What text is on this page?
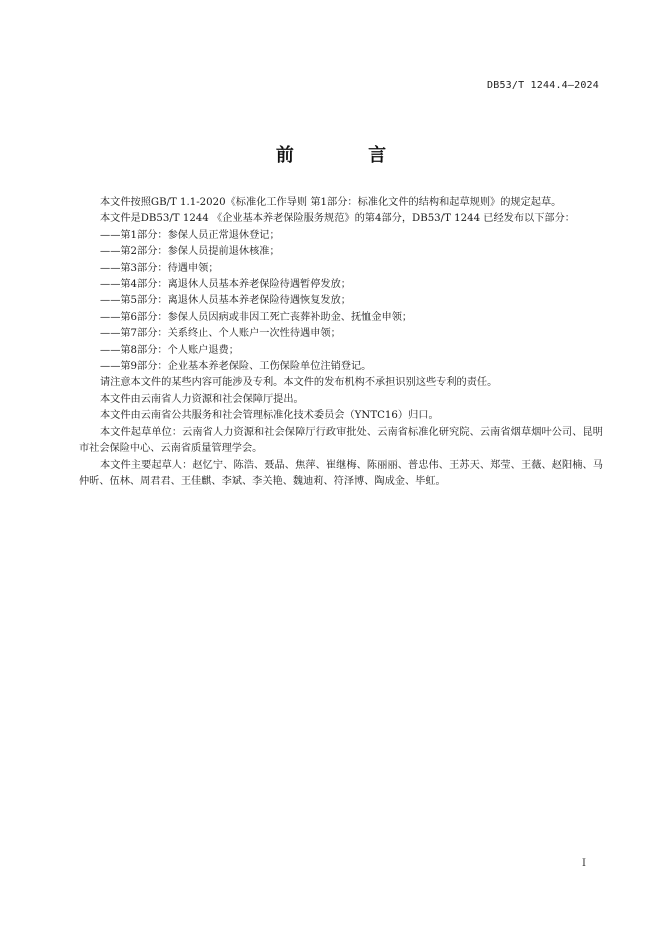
DB53/T 1244.4—2024
前 言

本文件按照GB/T 1.1-2020《标准化工作导则 第1部分：标准化文件的结构和起草规则》的规定起草。

本文件是DB53/T 1244 《企业基本养老保险服务规范》的第4部分，DB53/T 1244 已经发布以下部分：

——第1部分：参保人员正常退休登记；

——第2部分：参保人员提前退休核准；

——第3部分：待遇申领；

——第4部分：离退休人员基本养老保险待遇暂停发放；

——第5部分：离退休人员基本养老保险待遇恢复发放；

——第6部分：参保人员因病或非因工死亡丧葬补助金、抚恤金申领；

——第7部分：关系终止、个人账户一次性待遇申领；

——第8部分：个人账户退费；

——第9部分：企业基本养老保险、工伤保险单位注销登记。

请注意本文件的某些内容可能涉及专利。本文件的发布机构不承担识别这些专利的责任。

本文件由云南省人力资源和社会保障厅提出。

本文件由云南省公共服务和社会管理标准化技术委员会（YNTC16）归口。

本文件起草单位：云南省人力资源和社会保障厅行政审批处、云南省标准化研究院、云南省烟草烟叶公司、昆明市社会保险中心、云南省质量管理学会。

本文件主要起草人：赵忆宁、陈浩、聂晶、焦萍、崔继梅、陈丽丽、普忠伟、王苏天、郑莹、王薇、赵阳楠、马仲昕、伍林、周君君、王佳麒、李斌、李关艳、魏迪莉、符泽博、陶成金、毕虹。

I
